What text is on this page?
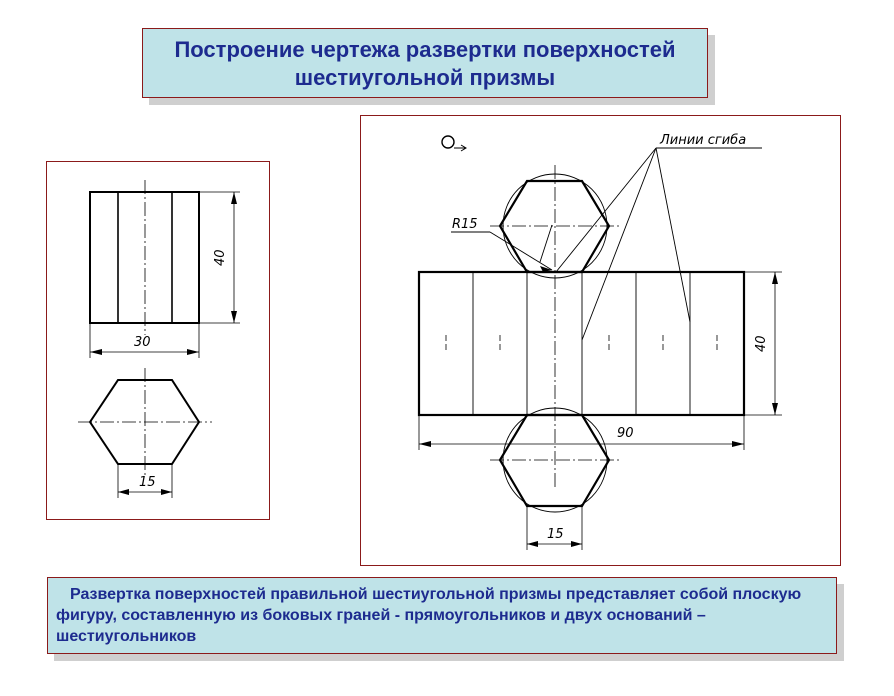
Построение чертежа развертки поверхностей
шестиугольной призмы
40
30
15
Линии сгиба
R15
40
90
15
Развертка поверхностей правильной шестиугольной призмы представляет собой плоскую фигуру, составленную из боковых граней - прямоугольников и двух оснований – шестиугольников
